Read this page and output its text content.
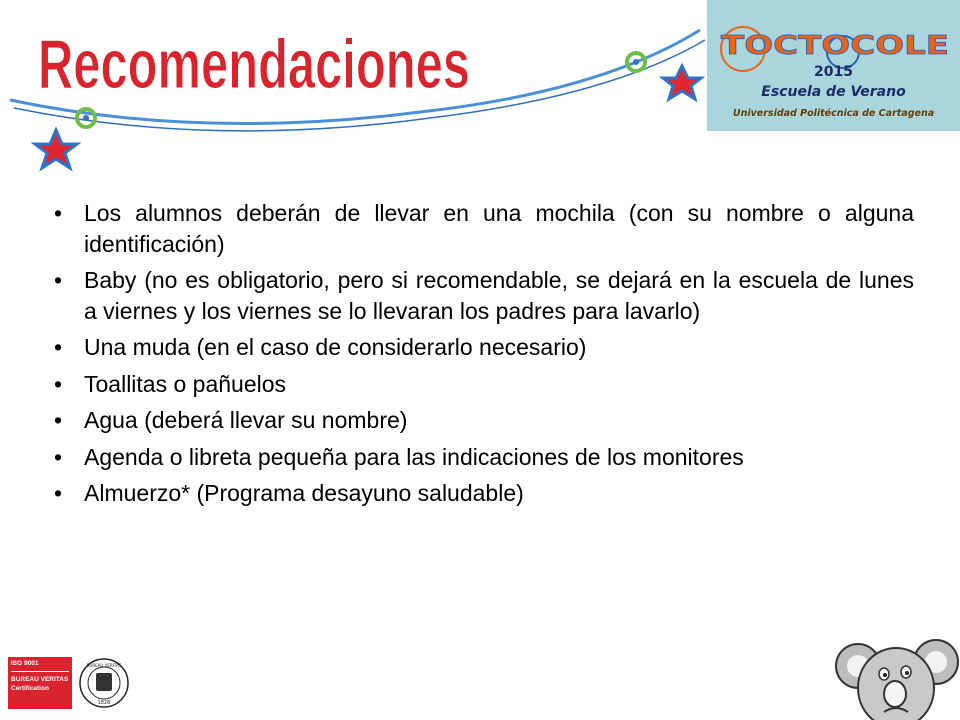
Recomendaciones	TOCTOCOLE
2015
Escuela de Verano
Universidad Politécnica de Cartagena
• Los alumnos deberán de llevar en una mochila (con su nombre o alguna identificación)
• Baby (no es obligatorio, pero si recomendable, se dejará en la escuela de lunes a viernes y los viernes se lo llevaran los padres para lavarlo)
• Una muda (en el caso de considerarlo necesario)
• Toallitas o pañuelos
• Agua (deberá llevar su nombre)
• Agenda o libreta pequeña para las indicaciones de los monitores
• Almuerzo* (Programa desayuno saludable)
ISO 9001
BUREAU VERITAS
Certification
1828
BUREAU VERITAS
